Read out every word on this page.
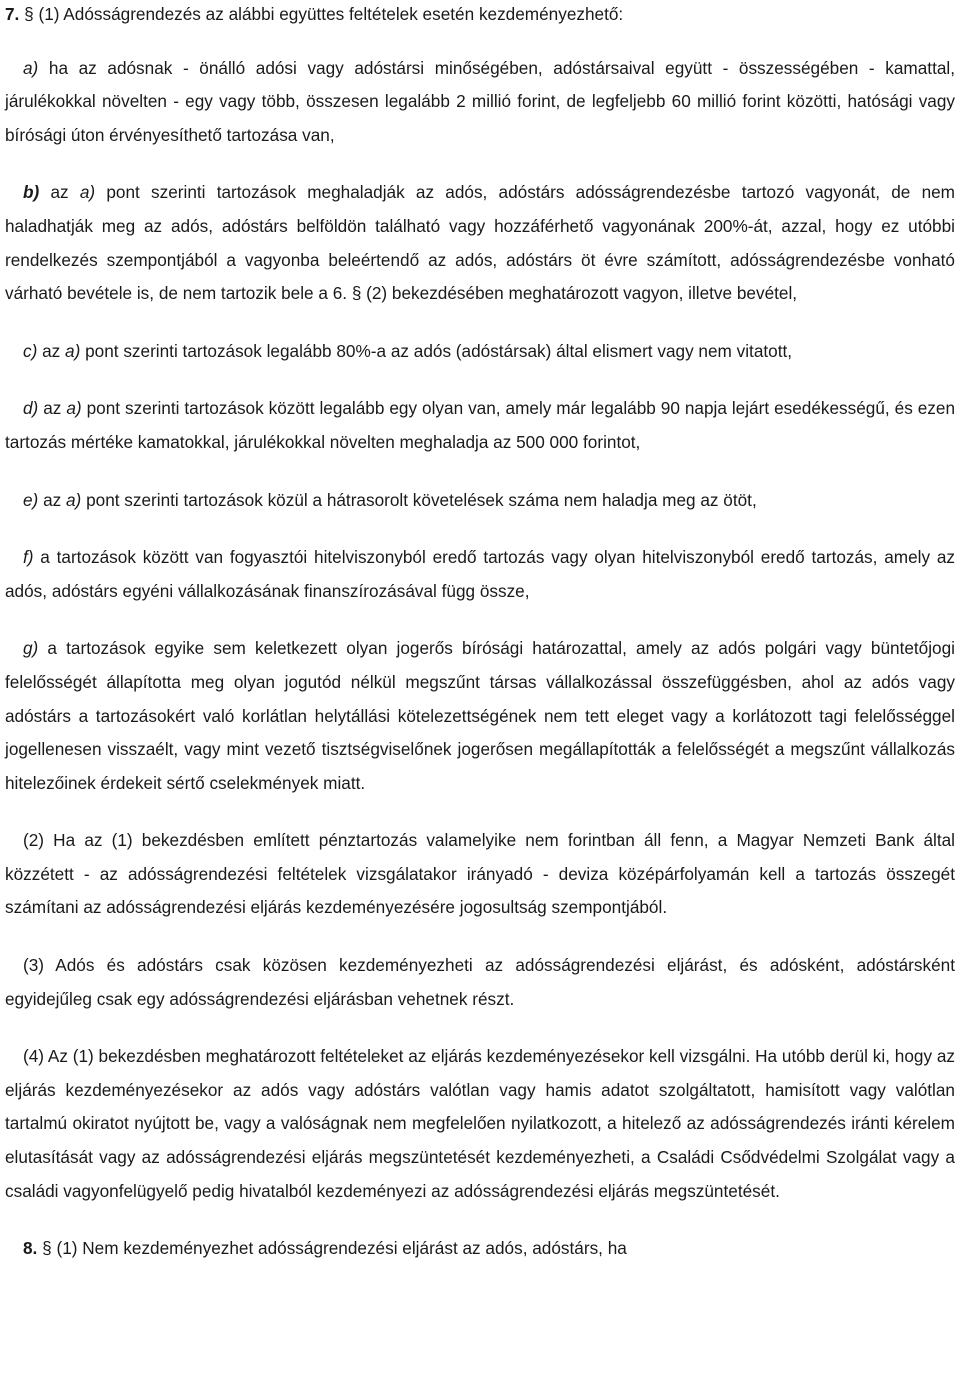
7. § (1) Adósságrendezés az alábbi együttes feltételek esetén kezdeményezhető:

a) ha az adósnak - önálló adósi vagy adóstársi minőségében, adóstársaival együtt - összességében - kamattal, járulékokkal növelten - egy vagy több, összesen legalább 2 millió forint, de legfeljebb 60 millió forint közötti, hatósági vagy bírósági úton érvényesíthető tartozása van,

b) az a) pont szerinti tartozások meghaladják az adós, adóstárs adósságrendezésbe tartozó vagyonát, de nem haladhatják meg az adós, adóstárs belföldön található vagy hozzáférhető vagyonának 200%-át, azzal, hogy ez utóbbi rendelkezés szempontjából a vagyonba beleértendő az adós, adóstárs öt évre számított, adósságrendezésbe vonható várható bevétele is, de nem tartozik bele a 6. § (2) bekezdésében meghatározott vagyon, illetve bevétel,

c) az a) pont szerinti tartozások legalább 80%-a az adós (adóstársak) által elismert vagy nem vitatott,

d) az a) pont szerinti tartozások között legalább egy olyan van, amely már legalább 90 napja lejárt esedékességű, és ezen tartozás mértéke kamatokkal, járulékokkal növelten meghaladja az 500 000 forintot,

e) az a) pont szerinti tartozások közül a hátrasorolt követelések száma nem haladja meg az ötöt,

f) a tartozások között van fogyasztói hitelviszonyból eredő tartozás vagy olyan hitelviszonyból eredő tartozás, amely az adós, adóstárs egyéni vállalkozásának finanszírozásával függ össze,

g) a tartozások egyike sem keletkezett olyan jogerős bírósági határozattal, amely az adós polgári vagy büntetőjogi felelősségét állapította meg olyan jogutód nélkül megszűnt társas vállalkozással összefüggésben, ahol az adós vagy adóstárs a tartozásokért való korlátlan helytállási kötelezettségének nem tett eleget vagy a korlátozott tagi felelősséggel jogellenesen visszaélt, vagy mint vezető tisztségviselőnek jogerősen megállapították a felelősségét a megszűnt vállalkozás hitelezőinek érdekeit sértő cselekmények miatt.

(2) Ha az (1) bekezdésben említett pénztartozás valamelyike nem forintban áll fenn, a Magyar Nemzeti Bank által közzétett - az adósságrendezési feltételek vizsgálatakor irányadó - deviza középárfolyamán kell a tartozás összegét számítani az adósságrendezési eljárás kezdeményezésére jogosultság szempontjából.

(3) Adós és adóstárs csak közösen kezdeményezheti az adósságrendezési eljárást, és adósként, adóstársként egyidejűleg csak egy adósságrendezési eljárásban vehetnek részt.

(4) Az (1) bekezdésben meghatározott feltételeket az eljárás kezdeményezésekor kell vizsgálni. Ha utóbb derül ki, hogy az eljárás kezdeményezésekor az adós vagy adóstárs valótlan vagy hamis adatot szolgáltatott, hamisított vagy valótlan tartalmú okiratot nyújtott be, vagy a valóságnak nem megfelelően nyilatkozott, a hitelező az adósságrendezés iránti kérelem elutasítását vagy az adósságrendezési eljárás megszüntetését kezdeményezheti, a Családi Csődvédelmi Szolgálat vagy a családi vagyonfelügyelő pedig hivatalból kezdeményezi az adósságrendezési eljárás megszüntetését.

8. § (1) Nem kezdeményezhet adósságrendezési eljárást az adós, adóstárs, ha
